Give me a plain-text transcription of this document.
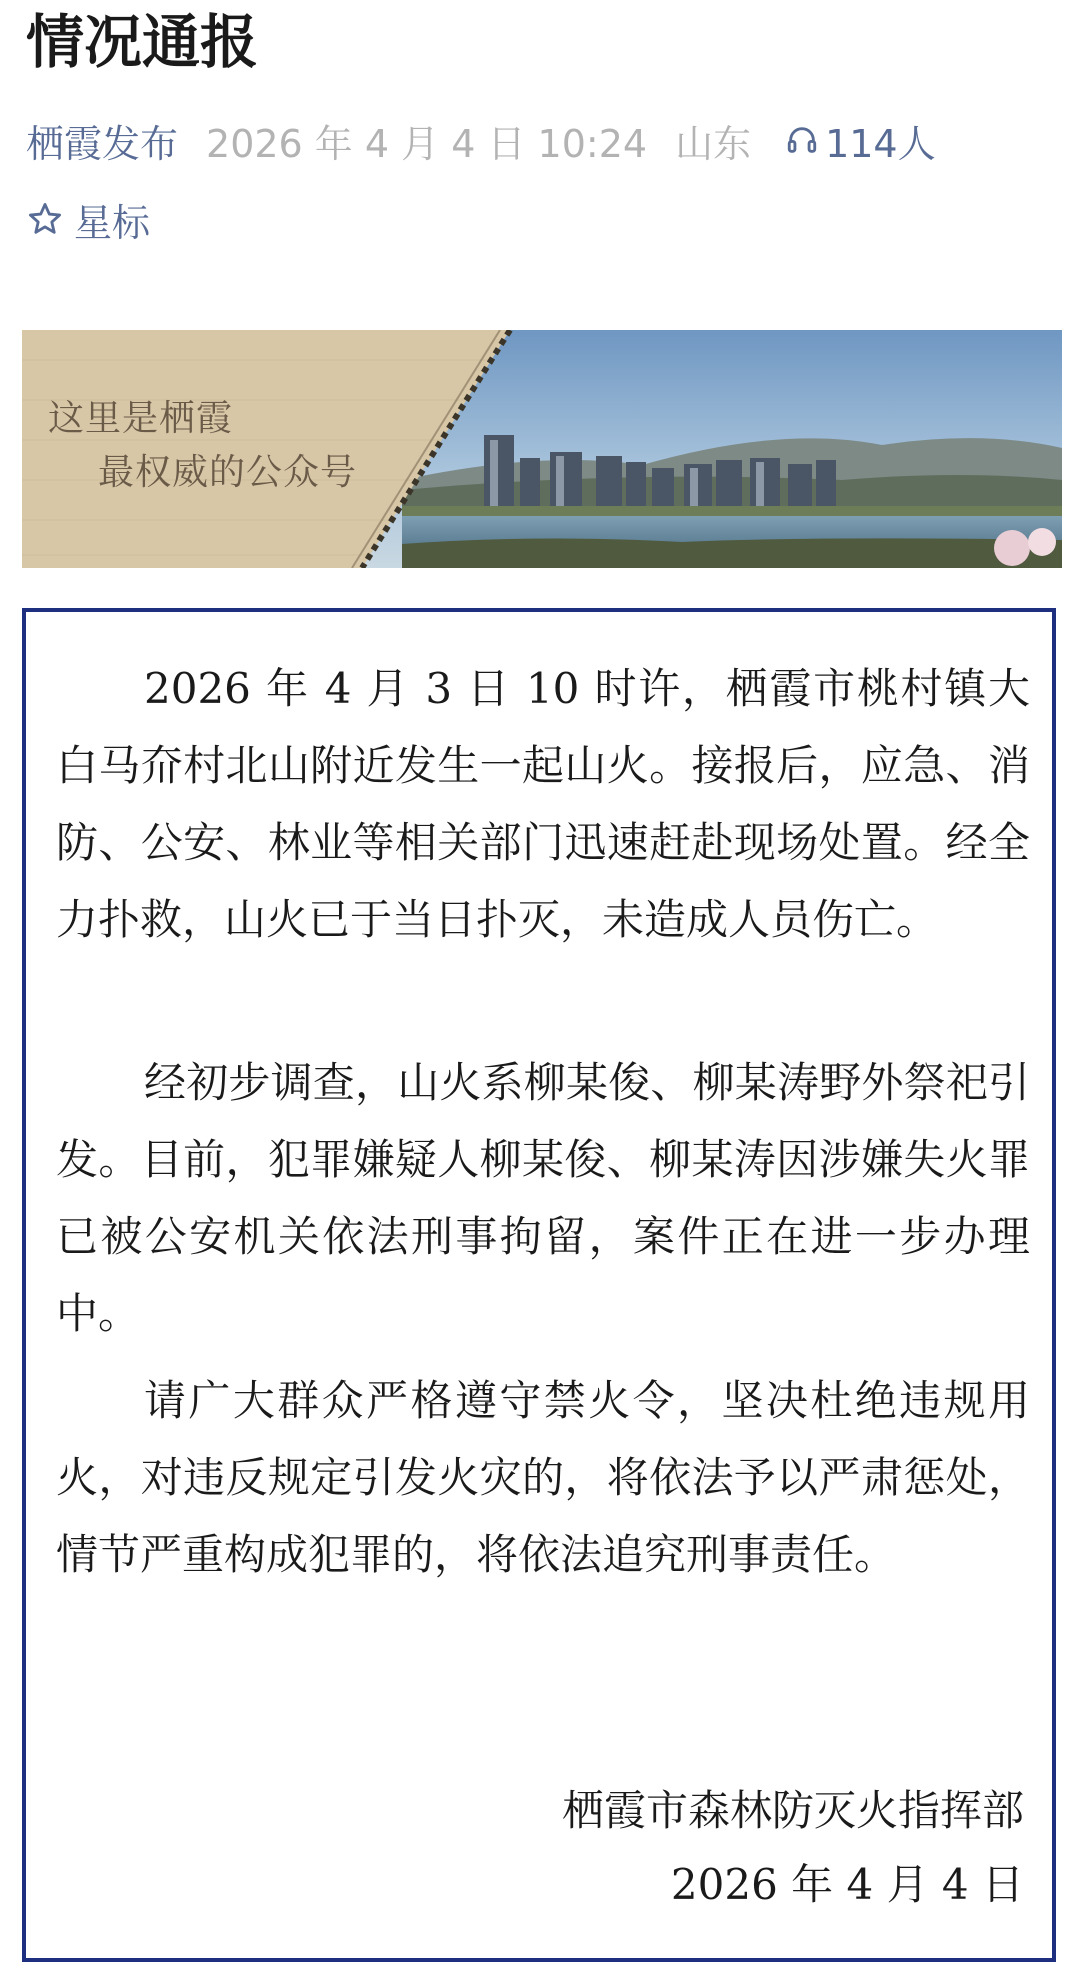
情况通报
栖霞发布 2026 年 4 月 4 日 10:24 山东 114人
星标
这里是栖霞
最权威的公众号

2026 年 4 月 3 日 10 时许，栖霞市桃村镇大白马夼村北山附近发生一起山火。接报后，应急、消防、公安、林业等相关部门迅速赶赴现场处置。经全力扑救，山火已于当日扑灭，未造成人员伤亡。

经初步调查，山火系柳某俊、柳某涛野外祭祀引发。目前，犯罪嫌疑人柳某俊、柳某涛因涉嫌失火罪已被公安机关依法刑事拘留，案件正在进一步办理中。

请广大群众严格遵守禁火令，坚决杜绝违规用火，对违反规定引发火灾的，将依法予以严肃惩处，情节严重构成犯罪的，将依法追究刑事责任。

栖霞市森林防灭火指挥部
2026 年 4 月 4 日
